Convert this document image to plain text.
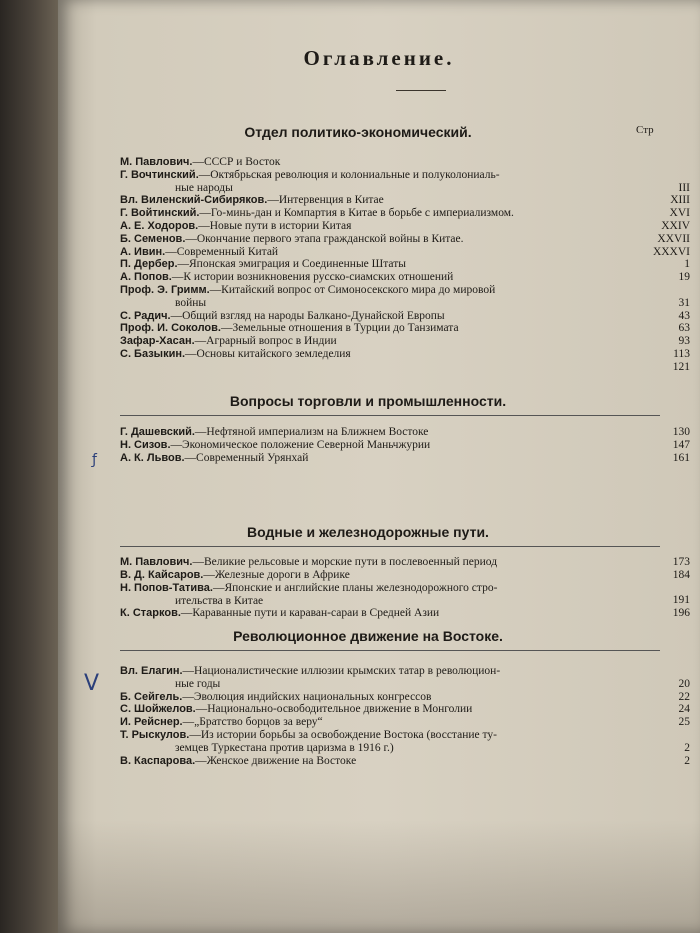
Оглавление.
Стр
Отдел политико-экономический.
М. Павлович.—СССР и Восток
Г. Вочтинский.—Октябрьская революция и колониальные и полуколониаль-
ные народы	III
Вл. Виленский-Сибиряков.—Интервенция в Китае	XIII
Г. Войтинский.—Го-минь-дан и Компартия в Китае в борьбе с империализмом.	XVI
А. Е. Ходоров.—Новые пути в истории Китая	XXIV
Б. Семенов.—Окончание первого этапа гражданской войны в Китае.	XXVII
А. Ивин.—Современный Китай	XXXVI
П. Дербер.—Японская эмиграция и Соединенные Штаты	1
А. Попов.—К истории возникновения русско-сиамских отношений	19
Проф. Э. Гримм.—Китайский вопрос от Симоносекского мира до мировой
войны	31
С. Радич.—Общий взгляд на народы Балкано-Дунайской Европы	43
Проф. И. Соколов.—Земельные отношения в Турции до Танзимата	63
Зафар-Хасан.—Аграрный вопрос в Индии	93
С. Базыкин.—Основы китайского земледелия	113
121
Вопросы торговли и промышленности.
Г. Дашевский.—Нефтяной империализм на Ближнем Востоке	130
Н. Сизов.—Экономическое положение Северной Маньчжурии	147
А. К. Львов.—Современный Урянхай	161
Водные и железнодорожные пути.
М. Павлович.—Великие рельсовые и морские пути в послевоенный период	173
В. Д. Кайсаров.—Железные дороги в Африке	184
Н. Попов-Татива.—Японские и английские планы железнодорожного стро-
ительства в Китае	191
К. Старков.—Караванные пути и караван-сараи в Средней Азии	196
Революционное движение на Востоке.
Вл. Елагин.—Националистические иллюзии крымских татар в революцион-
ные годы	20
Б. Сейгель.—Эволюция индийских национальных конгрессов	22
С. Шойжелов.—Национально-освободительное движение в Монголии	24
И. Рейснер.—„Братство борцов за веру“	25
Т. Рыскулов.—Из истории борьбы за освобождение Востока (восстание ту-
земцев Туркестана против царизма в 1916 г.)	2
В. Каспарова.—Женское движение на Востоке	2
ƒ
V
